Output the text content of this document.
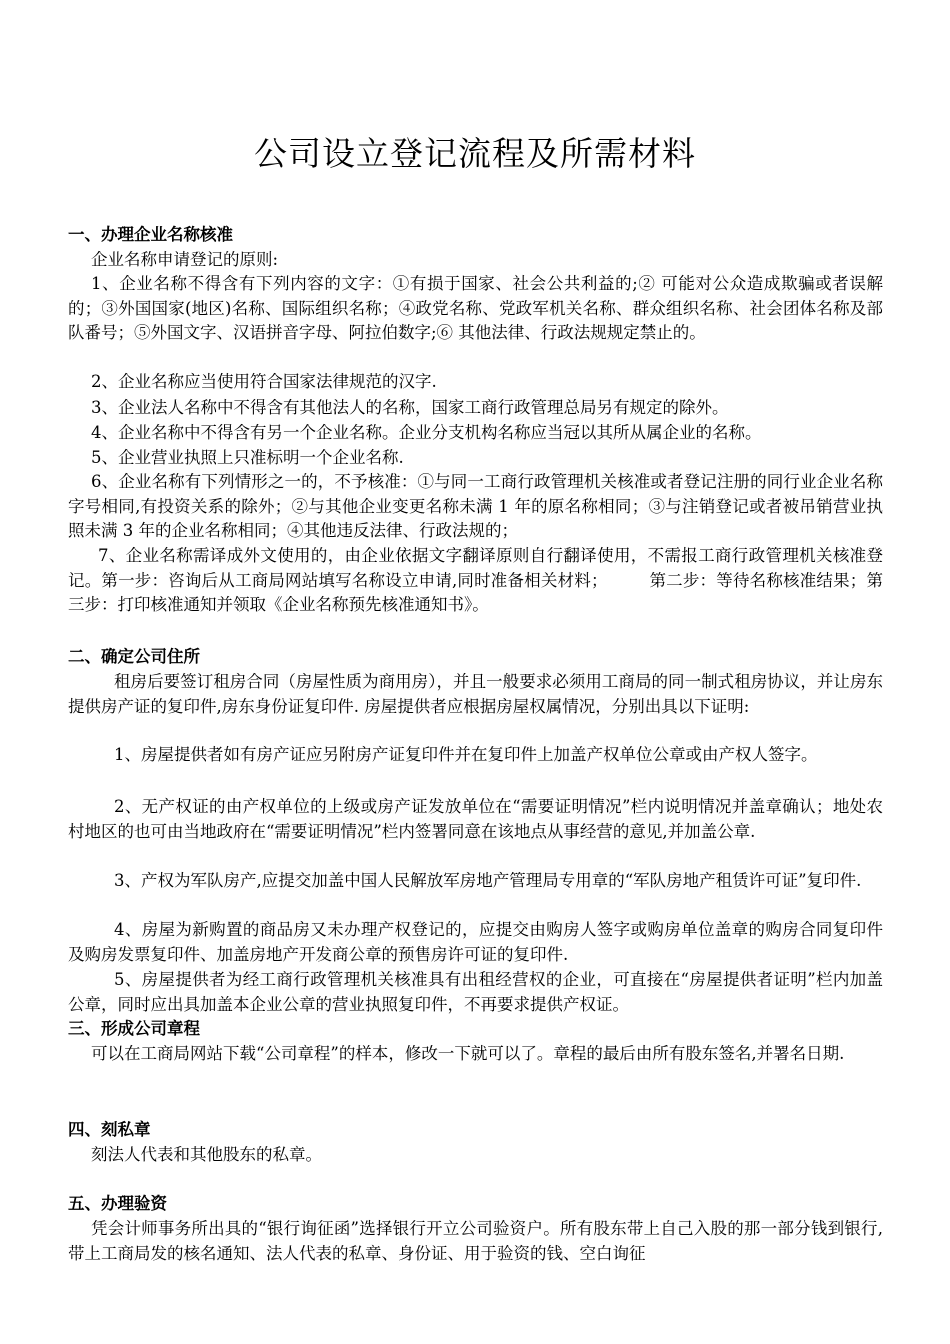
公司设立登记流程及所需材料
一、办理企业名称核准

企业名称申请登记的原则:

1、企业名称不得含有下列内容的文字：①有损于国家、社会公共利益的;② 可能对公众造成欺骗或者误解的；③外国国家(地区)名称、国际组织名称；④政党名称、党政军机关名称、群众组织名称、社会团体名称及部队番号；⑤外国文字、汉语拼音字母、阿拉伯数字;⑥ 其他法律、行政法规规定禁止的。

2、企业名称应当使用符合国家法律规范的汉字.

3、企业法人名称中不得含有其他法人的名称，国家工商行政管理总局另有规定的除外。

4、企业名称中不得含有另一个企业名称。企业分支机构名称应当冠以其所从属企业的名称。

5、企业营业执照上只准标明一个企业名称.

6、企业名称有下列情形之一的，不予核准：①与同一工商行政管理机关核准或者登记注册的同行业企业名称字号相同,有投资关系的除外；②与其他企业变更名称未满 1 年的原名称相同；③与注销登记或者被吊销营业执照未满 3 年的企业名称相同；④其他违反法律、行政法规的；

7、企业名称需译成外文使用的，由企业依据文字翻译原则自行翻译使用，不需报工商行政管理机关核准登记。第一步：咨询后从工商局网站填写名称设立申请,同时准备相关材料；　　　第二步：等待名称核准结果；第三步：打印核准通知并领取《企业名称预先核准通知书》。

二、确定公司住所

租房后要签订租房合同（房屋性质为商用房），并且一般要求必须用工商局的同一制式租房协议，并让房东提供房产证的复印件,房东身份证复印件. 房屋提供者应根据房屋权属情况，分别出具以下证明:

1、房屋提供者如有房产证应另附房产证复印件并在复印件上加盖产权单位公章或由产权人签字。

2、无产权证的由产权单位的上级或房产证发放单位在“需要证明情况”栏内说明情况并盖章确认；地处农村地区的也可由当地政府在“需要证明情况”栏内签署同意在该地点从事经营的意见,并加盖公章.

3、产权为军队房产,应提交加盖中国人民解放军房地产管理局专用章的“军队房地产租赁许可证”复印件.

4、房屋为新购置的商品房又未办理产权登记的，应提交由购房人签字或购房单位盖章的购房合同复印件及购房发票复印件、加盖房地产开发商公章的预售房许可证的复印件.

5、房屋提供者为经工商行政管理机关核准具有出租经营权的企业，可直接在“房屋提供者证明”栏内加盖公章，同时应出具加盖本企业公章的营业执照复印件，不再要求提供产权证。

三、形成公司章程

可以在工商局网站下载“公司章程”的样本，修改一下就可以了。章程的最后由所有股东签名,并署名日期.

四、刻私章

刻法人代表和其他股东的私章。

五、办理验资

凭会计师事务所出具的“银行询征函”选择银行开立公司验资户。所有股东带上自己入股的那一部分钱到银行,带上工商局发的核名通知、法人代表的私章、身份证、用于验资的钱、空白询征
